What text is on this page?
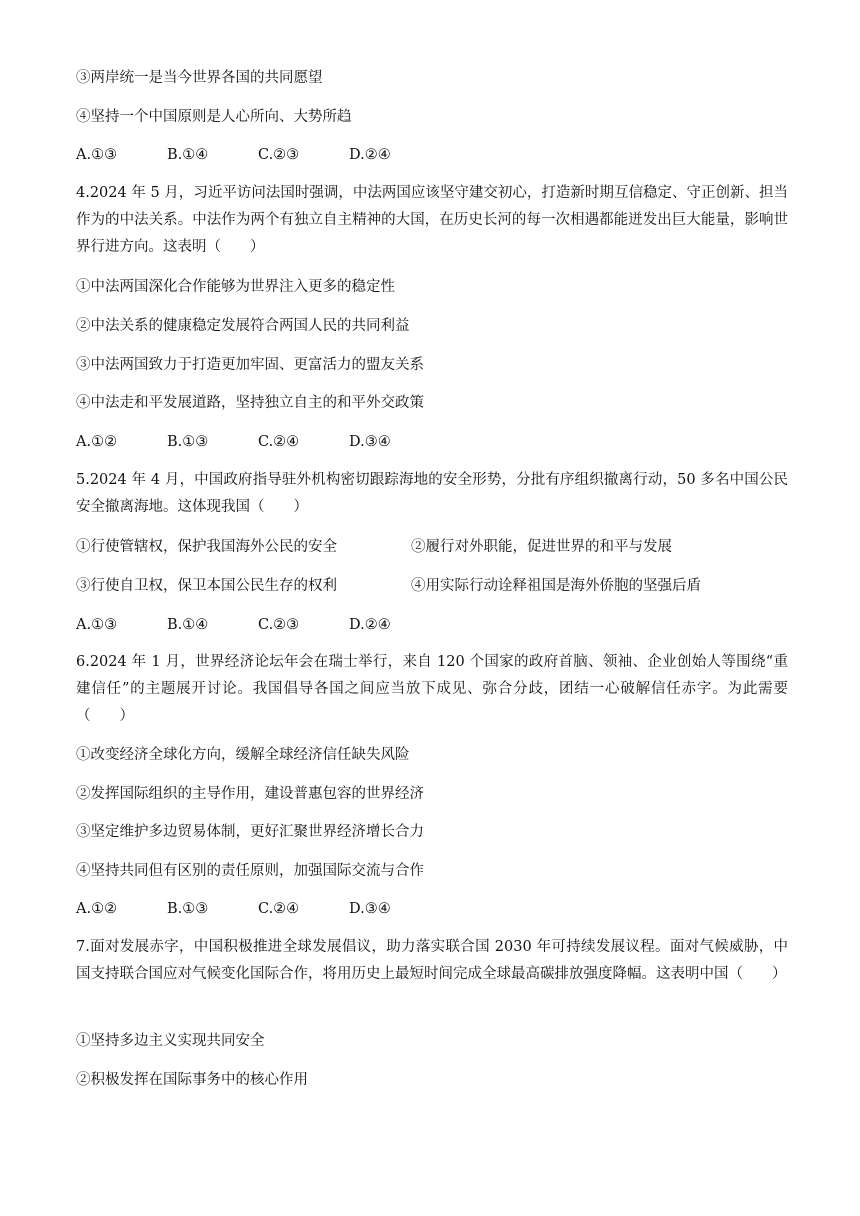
③两岸统一是当今世界各国的共同愿望
④坚持一个中国原则是人心所向、大势所趋
A.①③	B.①④	C.②③	D.②④
4.2024 年 5 月，习近平访问法国时强调，中法两国应该坚守建交初心，打造新时期互信稳定、守正创新、担当作为的中法关系。中法作为两个有独立自主精神的大国，在历史长河的每一次相遇都能迸发出巨大能量，影响世界行进方向。这表明（　　）
①中法两国深化合作能够为世界注入更多的稳定性
②中法关系的健康稳定发展符合两国人民的共同利益
③中法两国致力于打造更加牢固、更富活力的盟友关系
④中法走和平发展道路，坚持独立自主的和平外交政策
A.①②	B.①③	C.②④	D.③④
5.2024 年 4 月，中国政府指导驻外机构密切跟踪海地的安全形势，分批有序组织撤离行动，50 多名中国公民安全撤离海地。这体现我国（　　）
①行使管辖权，保护我国海外公民的安全	②履行对外职能，促进世界的和平与发展
③行使自卫权，保卫本国公民生存的权利	④用实际行动诠释祖国是海外侨胞的坚强后盾
A.①③	B.①④	C.②③	D.②④
6.2024 年 1 月，世界经济论坛年会在瑞士举行，来自 120 个国家的政府首脑、领袖、企业创始人等围绕“重建信任”的主题展开讨论。我国倡导各国之间应当放下成见、弥合分歧，团结一心破解信任赤字。为此需要（　　）
①改变经济全球化方向，缓解全球经济信任缺失风险
②发挥国际组织的主导作用，建设普惠包容的世界经济
③坚定维护多边贸易体制，更好汇聚世界经济增长合力
④坚持共同但有区别的责任原则，加强国际交流与合作
A.①②	B.①③	C.②④	D.③④
7.面对发展赤字，中国积极推进全球发展倡议，助力落实联合国 2030 年可持续发展议程。面对气候威胁，中国支持联合国应对气候变化国际合作，将用历史上最短时间完成全球最高碳排放强度降幅。这表明中国（　　）
①坚持多边主义实现共同安全
②积极发挥在国际事务中的核心作用
